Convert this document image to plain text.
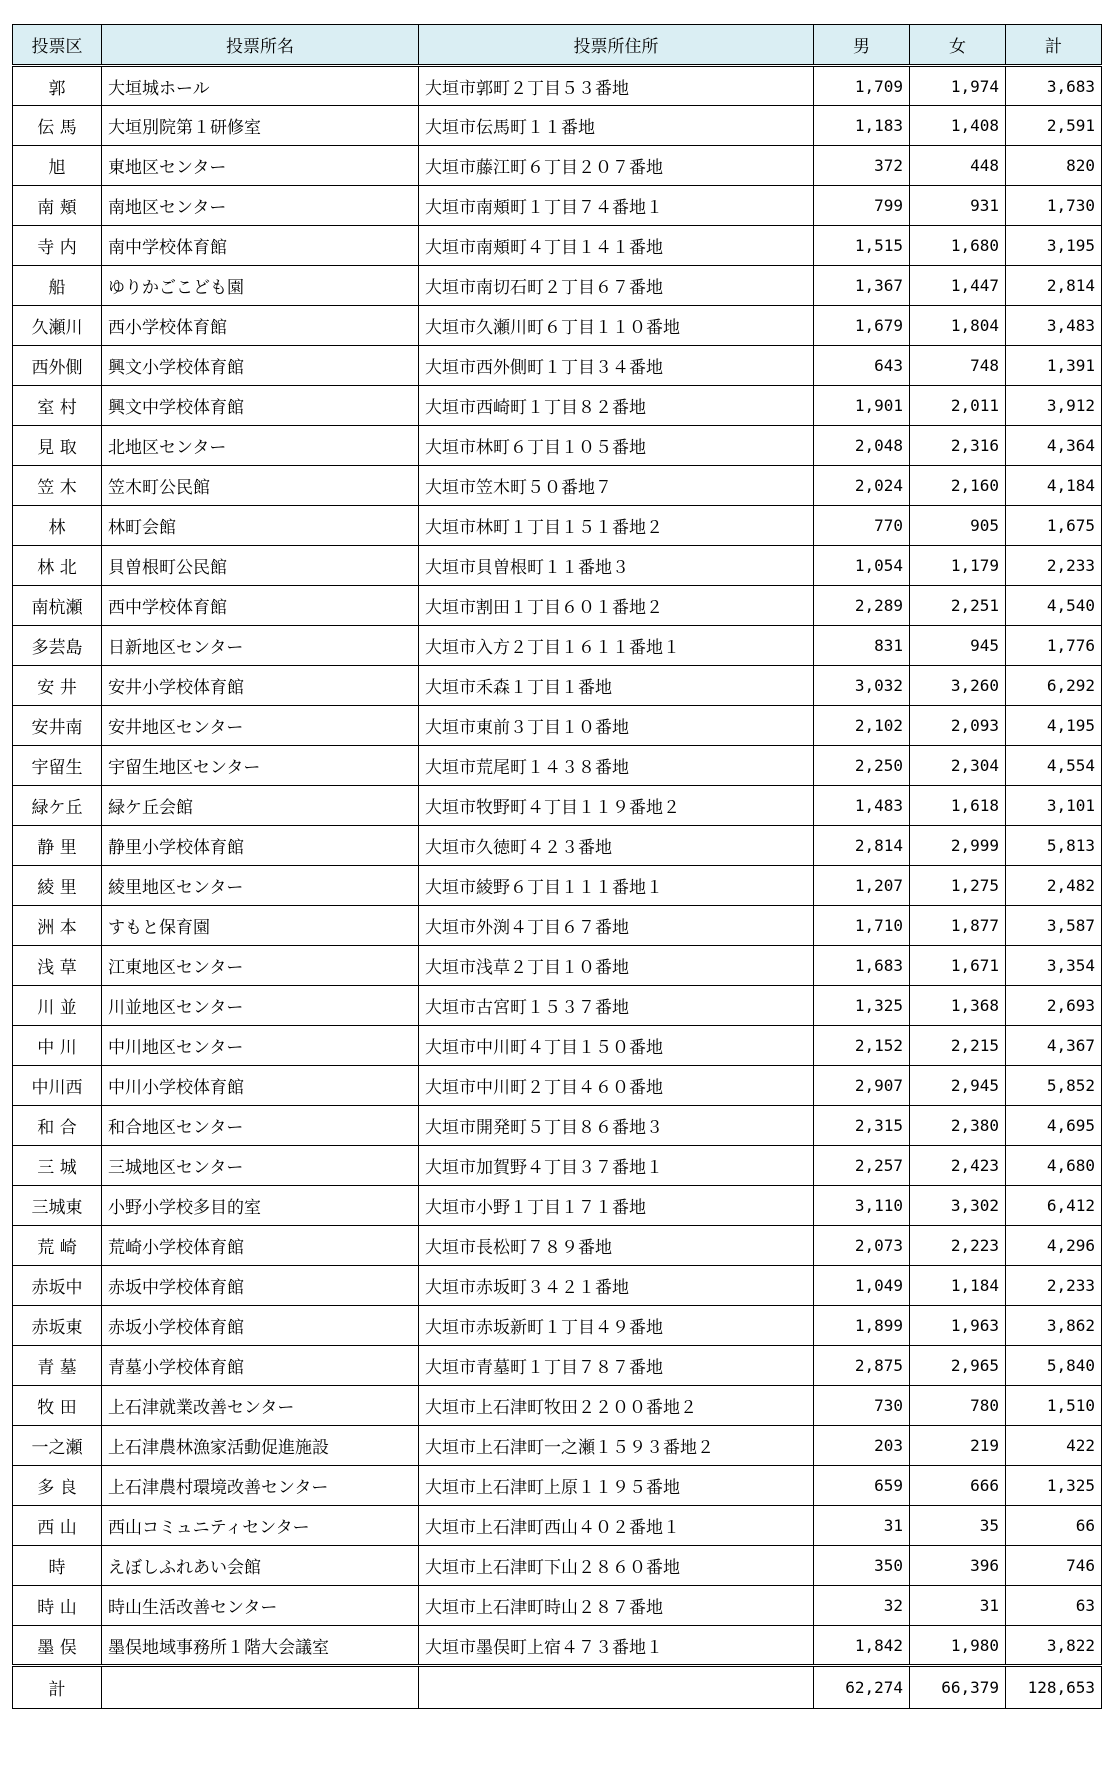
投票区	投票所名	投票所住所	男	女	計
郭	大垣城ホール	大垣市郭町２丁目５３番地	1,709	1,974	3,683
伝 馬	大垣別院第１研修室	大垣市伝馬町１１番地	1,183	1,408	2,591
旭	東地区センター	大垣市藤江町６丁目２０７番地	372	448	820
南 頬	南地区センター	大垣市南頬町１丁目７４番地１	799	931	1,730
寺 内	南中学校体育館	大垣市南頬町４丁目１４１番地	1,515	1,680	3,195
船	ゆりかごこども園	大垣市南切石町２丁目６７番地	1,367	1,447	2,814
久瀬川	西小学校体育館	大垣市久瀬川町６丁目１１０番地	1,679	1,804	3,483
西外側	興文小学校体育館	大垣市西外側町１丁目３４番地	643	748	1,391
室 村	興文中学校体育館	大垣市西崎町１丁目８２番地	1,901	2,011	3,912
見 取	北地区センター	大垣市林町６丁目１０５番地	2,048	2,316	4,364
笠 木	笠木町公民館	大垣市笠木町５０番地７	2,024	2,160	4,184
林	林町会館	大垣市林町１丁目１５１番地２	770	905	1,675
林 北	貝曽根町公民館	大垣市貝曽根町１１番地３	1,054	1,179	2,233
南杭瀬	西中学校体育館	大垣市割田１丁目６０１番地２	2,289	2,251	4,540
多芸島	日新地区センター	大垣市入方２丁目１６１１番地１	831	945	1,776
安 井	安井小学校体育館	大垣市禾森１丁目１番地	3,032	3,260	6,292
安井南	安井地区センター	大垣市東前３丁目１０番地	2,102	2,093	4,195
宇留生	宇留生地区センター	大垣市荒尾町１４３８番地	2,250	2,304	4,554
緑ケ丘	緑ケ丘会館	大垣市牧野町４丁目１１９番地２	1,483	1,618	3,101
静 里	静里小学校体育館	大垣市久徳町４２３番地	2,814	2,999	5,813
綾 里	綾里地区センター	大垣市綾野６丁目１１１番地１	1,207	1,275	2,482
洲 本	すもと保育園	大垣市外渕４丁目６７番地	1,710	1,877	3,587
浅 草	江東地区センター	大垣市浅草２丁目１０番地	1,683	1,671	3,354
川 並	川並地区センター	大垣市古宮町１５３７番地	1,325	1,368	2,693
中 川	中川地区センター	大垣市中川町４丁目１５０番地	2,152	2,215	4,367
中川西	中川小学校体育館	大垣市中川町２丁目４６０番地	2,907	2,945	5,852
和 合	和合地区センター	大垣市開発町５丁目８６番地３	2,315	2,380	4,695
三 城	三城地区センター	大垣市加賀野４丁目３７番地１	2,257	2,423	4,680
三城東	小野小学校多目的室	大垣市小野１丁目１７１番地	3,110	3,302	6,412
荒 崎	荒崎小学校体育館	大垣市長松町７８９番地	2,073	2,223	4,296
赤坂中	赤坂中学校体育館	大垣市赤坂町３４２１番地	1,049	1,184	2,233
赤坂東	赤坂小学校体育館	大垣市赤坂新町１丁目４９番地	1,899	1,963	3,862
青 墓	青墓小学校体育館	大垣市青墓町１丁目７８７番地	2,875	2,965	5,840
牧 田	上石津就業改善センター	大垣市上石津町牧田２２００番地２	730	780	1,510
一之瀬	上石津農林漁家活動促進施設	大垣市上石津町一之瀬１５９３番地２	203	219	422
多 良	上石津農村環境改善センター	大垣市上石津町上原１１９５番地	659	666	1,325
西 山	西山コミュニティセンター	大垣市上石津町西山４０２番地１	31	35	66
時	えぼしふれあい会館	大垣市上石津町下山２８６０番地	350	396	746
時 山	時山生活改善センター	大垣市上石津町時山２８７番地	32	31	63
墨 俣	墨俣地域事務所１階大会議室	大垣市墨俣町上宿４７３番地１	1,842	1,980	3,822
計			62,274	66,379	128,653
